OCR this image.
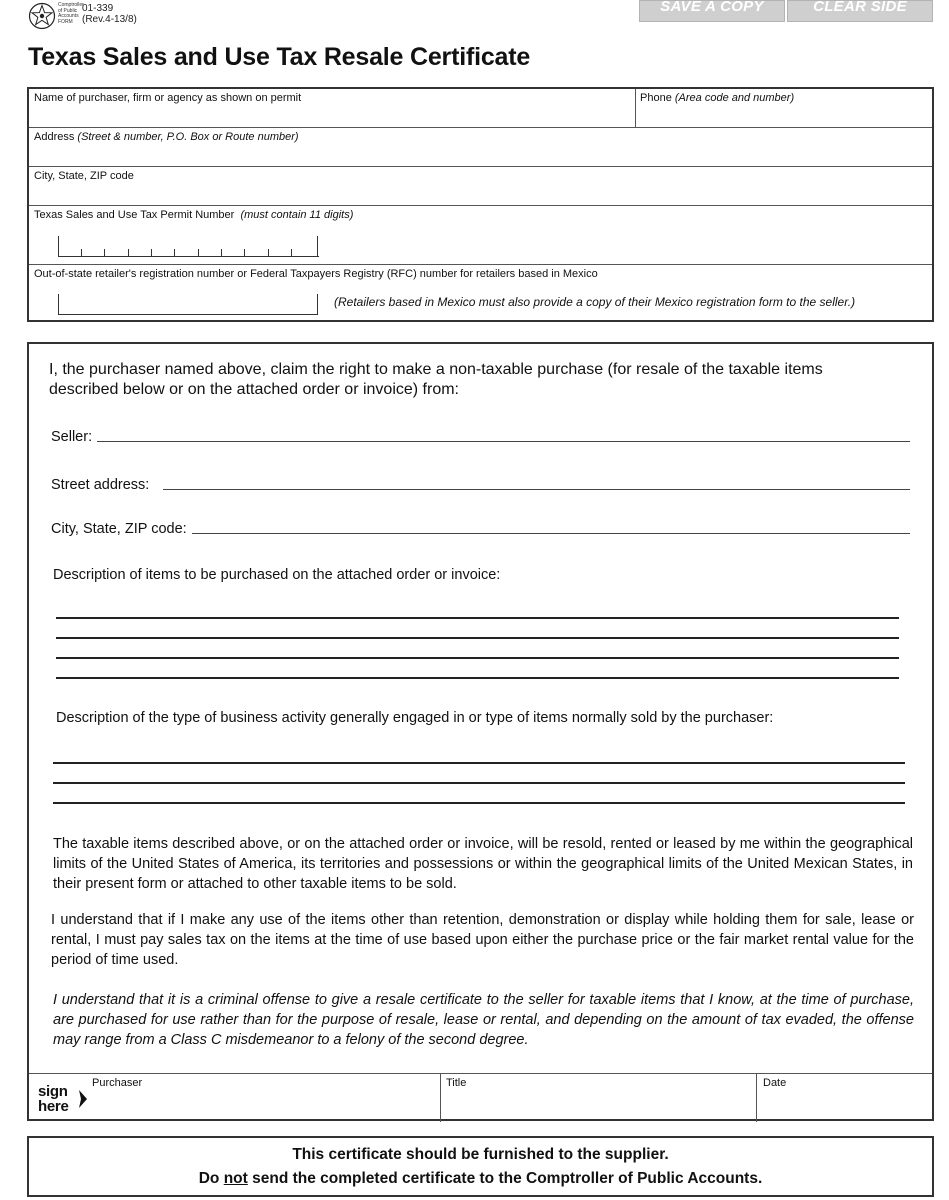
Comptroller
of Public
Accounts
FORM
01-339
(Rev.4-13/8)
SAVE A COPY	CLEAR SIDE
Texas Sales and Use Tax Resale Certificate
Name of purchaser, firm or agency as shown on permit	Phone (Area code and number)
Address (Street & number, P.O. Box or Route number)
City, State, ZIP code
Texas Sales and Use Tax Permit Number (must contain 11 digits)
Out-of-state retailer's registration number or Federal Taxpayers Registry (RFC) number for retailers based in Mexico
(Retailers based in Mexico must also provide a copy of their Mexico registration form to the seller.)
I, the purchaser named above, claim the right to make a non-taxable purchase (for resale of the taxable items described below or on the attached order or invoice) from:
Seller:
Street address:
City, State, ZIP code:
Description of items to be purchased on the attached order or invoice:
Description of the type of business activity generally engaged in or type of items normally sold by the purchaser:
The taxable items described above, or on the attached order or invoice, will be resold, rented or leased by me within the geographical limits of the United States of America, its territories and possessions or within the geographical limits of the United Mexican States, in their present form or attached to other taxable items to be sold.
I understand that if I make any use of the items other than retention, demonstration or display while holding them for sale, lease or rental, I must pay sales tax on the items at the time of use based upon either the purchase price or the fair market rental value for the period of time used.
I understand that it is a criminal offense to give a resale certificate to the seller for taxable items that I know, at the time of purchase, are purchased for use rather than for the purpose of resale, lease or rental, and depending on the amount of tax evaded, the offense may range from a Class C misdemeanor to a felony of the second degree.
sign
here
Purchaser	Title	Date
This certificate should be furnished to the supplier.
Do not send the completed certificate to the Comptroller of Public Accounts.
